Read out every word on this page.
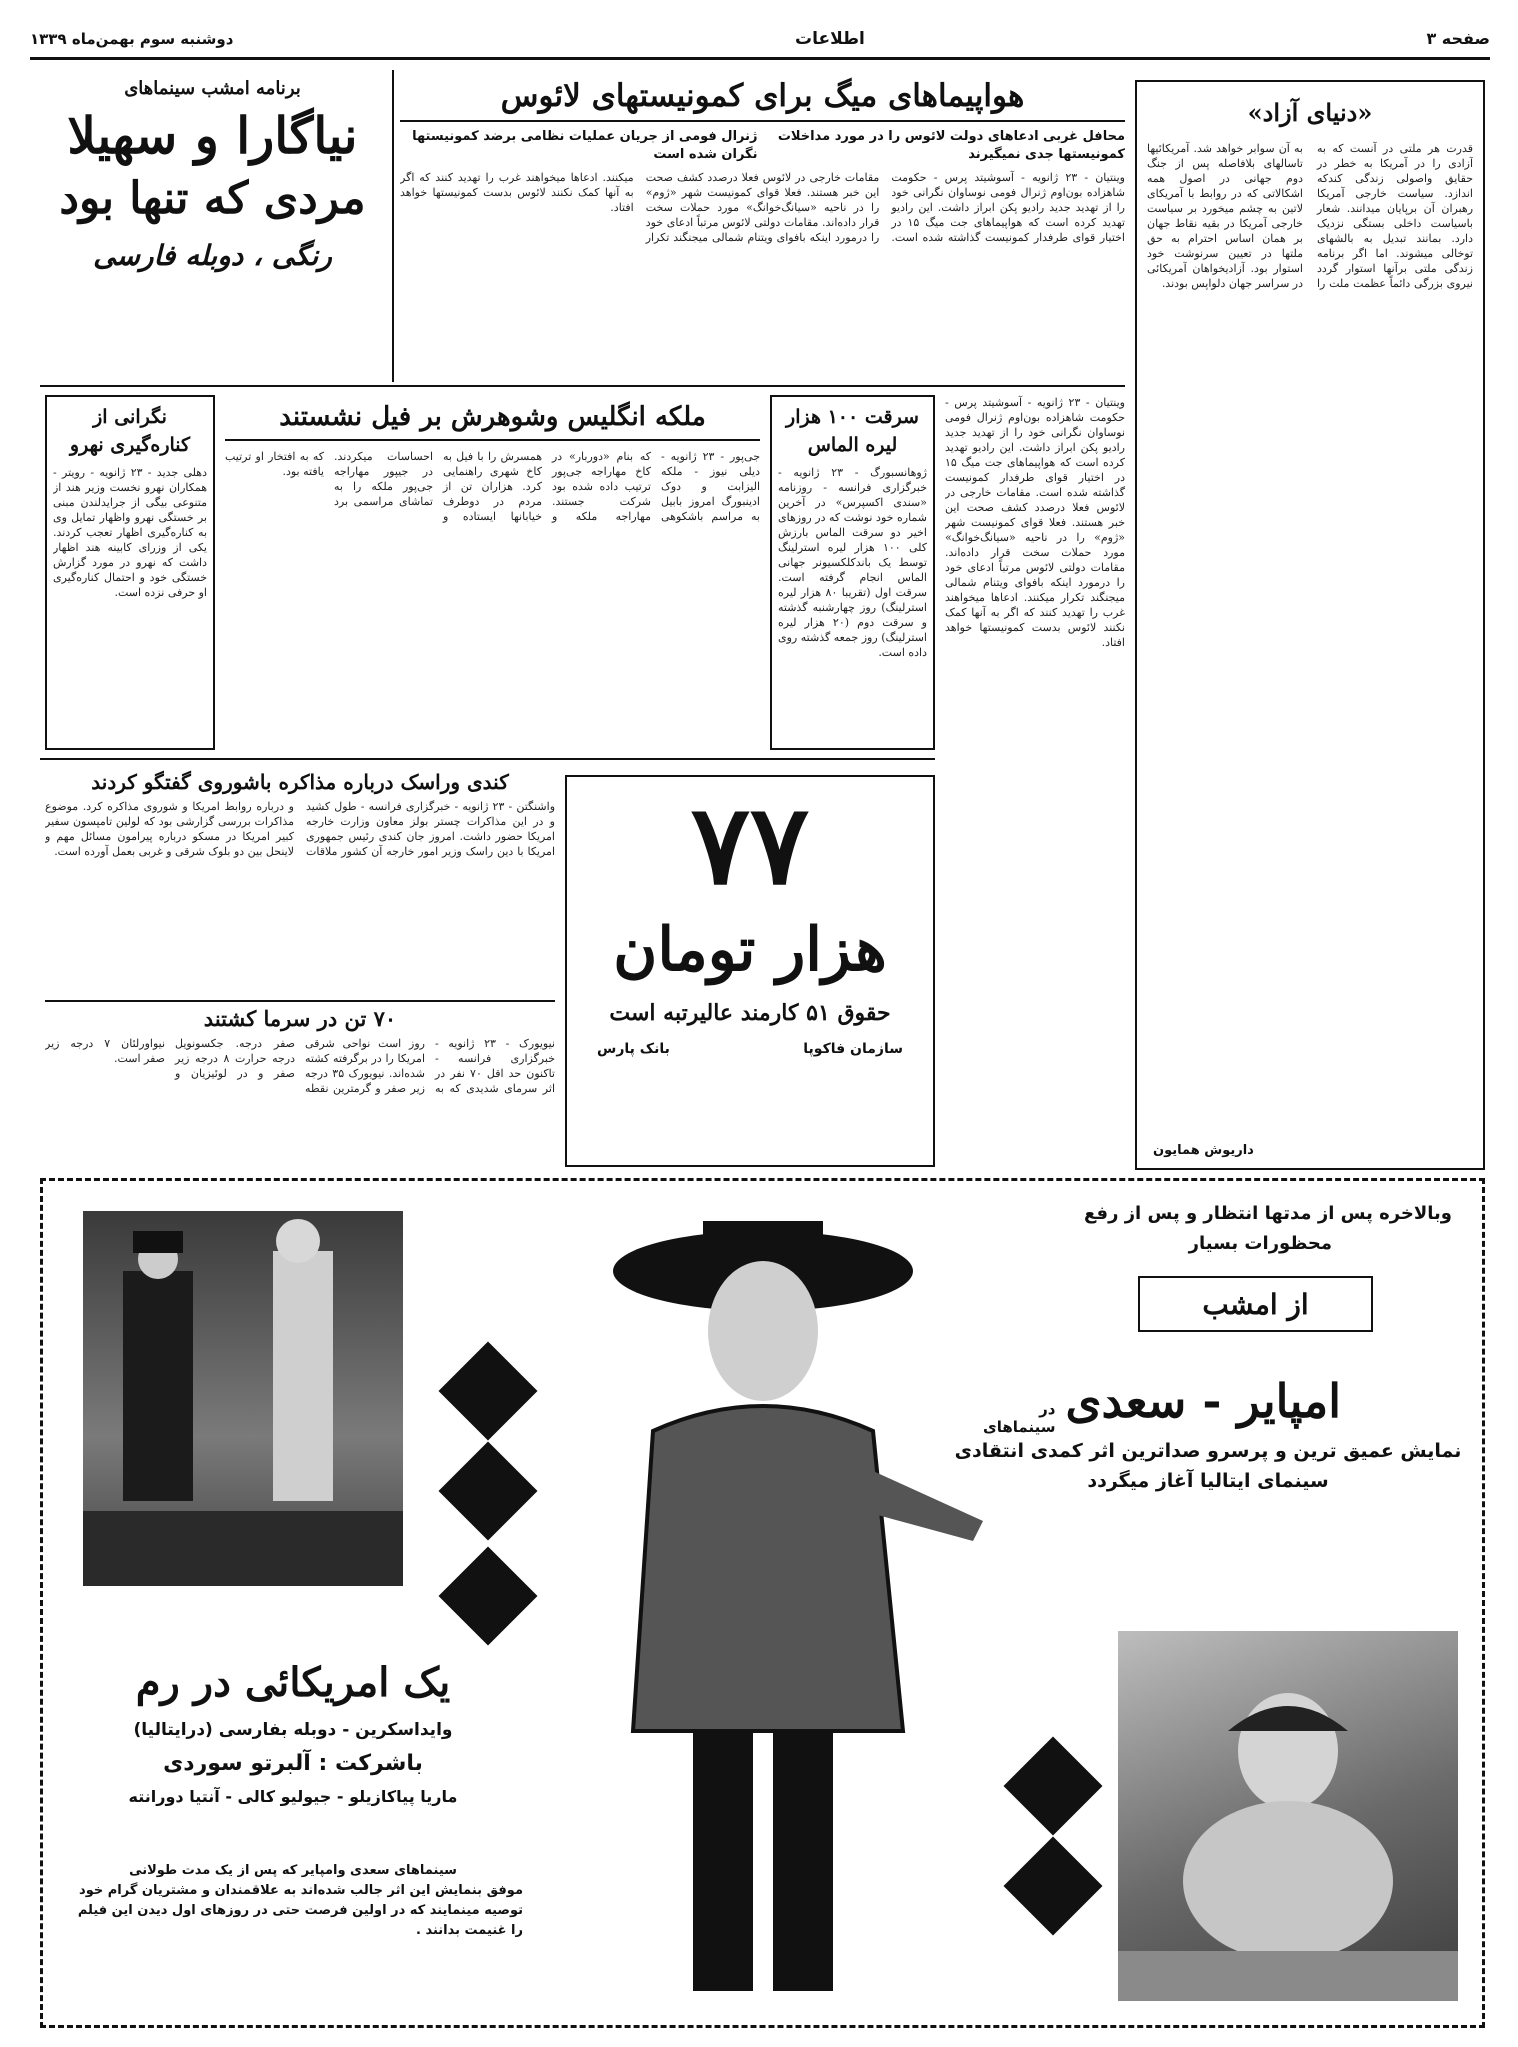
دوشنبه سوم بهمن‌ماه ۱۳۳۹	اطلاعات	صفحه ۳
برنامه امشب سینماهای
نیاگارا و سهیلا
مردی که تنها بود
رنگی ، دوبله فارسی
هواپیماهای میگ برای کمونیستهای لائوس
ژنرال فومی از جریان عملیات نظامی برضد کمونیستها نگران شده است
محافل غربی ادعاهای دولت لائوس را در مورد مداخلات کمونیستها جدی نمیگیرند
وینتیان - ۲۳ ژانویه - آسوشیتد پرس - حکومت شاهزاده بون‌اوم ژنرال فومی نوساوان نگرانی خود را از تهدید جدید رادیو پکن ابراز داشت. این رادیو تهدید کرده است که هواپیماهای جت میگ ۱۵ در اختیار قوای طرفدار کمونیست گذاشته شده است. مقامات خارجی در لائوس فعلا درصدد کشف صحت این خبر هستند. فعلا قوای کمونیست شهر «ژوم» را در ناحیه «سیانگ‌خوانگ» مورد حملات سخت قرار داده‌اند. مقامات دولتی لائوس مرتباً ادعای خود را درمورد اینکه بافوای ویتنام شمالی میجنگند تکرار میکنند. ادعاها میخواهند غرب را تهدید کنند که اگر به آنها کمک نکنند لائوس بدست کمونیستها خواهد افتاد.
«دنیای آزاد»
قدرت هر ملتی در آنست که به آزادی را در آمریکا به خطر در حقایق واصولی زندگی کندکه اندازد. سیاست خارجی آمریکا رهبران آن برپایان میدانند. شعار باسیاست داخلی بستگی نزدیک دارد. بمانند تبدیل به بالشهای توخالی میشوند. اما اگر برنامه زندگی ملتی برآنها استوار گردد نیروی بزرگی دائماً عظمت ملت را به آن سوابر خواهد شد. آمریکائیها تاسالهای بلافاصله پس از جنگ دوم جهانی در اصول همه اشکالاتی که در روابط با آمریکای لاتین به چشم میخورد بر سیاست خارجی آمریکا در بقیه نقاط جهان بر همان اساس احترام به حق ملتها در تعیین سرنوشت خود استوار بود. آزادیخواهان آمریکائی در سراسر جهان دلواپس بودند.
داریوش همایون
نگرانی از کناره‌گیری نهرو
دهلی جدید - ۲۳ ژانویه - رویتر - همکاران نهرو نخست وزیر هند از متنوعی بیگی از جرایدلندن مبنی بر خستگی نهرو واظهار تمایل وی به کناره‌گیری اظهار تعجب کردند. یکی از وزرای کابینه هند اظهار داشت که نهرو در مورد گزارش خستگی خود و احتمال کناره‌گیری او حرفی نزده است.
ملکه انگلیس وشوهرش بر فیل نشستند
جی‌پور - ۲۳ ژانویه - دیلی نیوز - ملکه الیزابت و دوک ادینبورگ امروز بابیل به مراسم باشکوهی که بنام «دوربار» در کاخ مهاراجه جی‌پور ترتیب داده شده بود شرکت جستند. مهاراجه ملکه و همسرش را با فیل به کاخ شهری راهنمایی کرد. هزاران تن از مردم در دوطرف خیابانها ایستاده و احساسات میکردند. در جیپور مهاراجه جی‌پور ملکه را به تماشای مراسمی برد که به افتخار او ترتیب یافته بود.
سرقت ۱۰۰ هزار لیره الماس
ژوهانسبورگ - ۲۳ ژانویه - خبرگزاری فرانسه - روزنامه «سندی اکسپرس» در آخرین شماره خود نوشت که در روزهای اخیر دو سرقت الماس بارزش کلی ۱۰۰ هزار لیره استرلینگ توسط یک باندکلکسیونر جهانی الماس انجام گرفته است. سرقت اول (تقریبا ۸۰ هزار لیره استرلینگ) روز چهارشنبه گذشته و سرقت دوم (۲۰ هزار لیره استرلینگ) روز جمعه گذشته روی داده است.
وینتیان - ۲۳ ژانویه - آسوشیتد پرس - حکومت شاهزاده بون‌اوم ژنرال فومی نوساوان نگرانی خود را از تهدید جدید رادیو پکن ابراز داشت. این رادیو تهدید کرده است که هواپیماهای جت میگ ۱۵ در اختیار قوای طرفدار کمونیست گذاشته شده است. مقامات خارجی در لائوس فعلا درصدد کشف صحت این خبر هستند. فعلا قوای کمونیست شهر «ژوم» را در ناحیه «سیانگ‌خوانگ» مورد حملات سخت قرار داده‌اند. مقامات دولتی لائوس مرتباً ادعای خود را درمورد اینکه بافوای ویتنام شمالی میجنگند تکرار میکنند. ادعاها میخواهند غرب را تهدید کنند که اگر به آنها کمک نکنند لائوس بدست کمونیستها خواهد افتاد.
کندی وراسک درباره مذاکره باشوروی گفتگو کردند
واشنگتن - ۲۳ ژانویه - خبرگزاری فرانسه - طول کشید و در این مذاکرات چستر بولز معاون وزارت خارجه امریکا حضور داشت. امروز جان کندی رئیس جمهوری امریکا با دین راسک وزیر امور خارجه آن کشور ملاقات و درباره روابط امریکا و شوروی مذاکره کرد. موضوع مذاکرات بررسی گزارشی بود که لولین تامپسون سفیر کبیر امریکا در مسکو درباره پیرامون مسائل مهم و لاینحل بین دو بلوک شرقی و غربی بعمل آورده است.
۷۰ تن در سرما کشتند
نیویورک - ۲۳ ژانویه - خبرگزاری فرانسه - تاکنون حد اقل ۷۰ نفر در اثر سرمای شدیدی که به روز است نواحی شرقی امریکا را در برگرفته کشته شده‌اند. نیویورک ۳۵ درجه زیر صفر و گرمترین نقطه صفر درجه. جکسونویل درجه حرارت ۸ درجه زیر صفر و در لوئیزیان و نیواورلئان ۷ درجه زیر صفر است.
۷۷
هزار تومان
حقوق ۵۱ کارمند عالیرتبه است
سازمان فاکوپا
بانک پارس
وبالاخره پس از مدتها انتظار و پس از رفع
محظورات بسیار
از امشب
در
سینماهای امپایر - سعدی
نمایش عمیق ترین و پرسرو صداترین اثر کمدی انتقادی
سینمای ایتالیا آغاز میگردد
یک امریکائی در رم
وایداسکرین - دوبله بفارسی (درایتالیا)
باشرکت : آلبرتو سوردی
ماریا پیاکازیلو - جیولیو کالی - آنتیا دورانته
سینماهای سعدی وامپایر که پس از یک مدت طولانی
موفق بنمایش این اثر جالب شده‌اند به علاقمندان و مشتریان گرام خود
توصیه مینمایند که در اولین فرصت حتی در روزهای اول دیدن این فیلم
را غنیمت بدانند .
